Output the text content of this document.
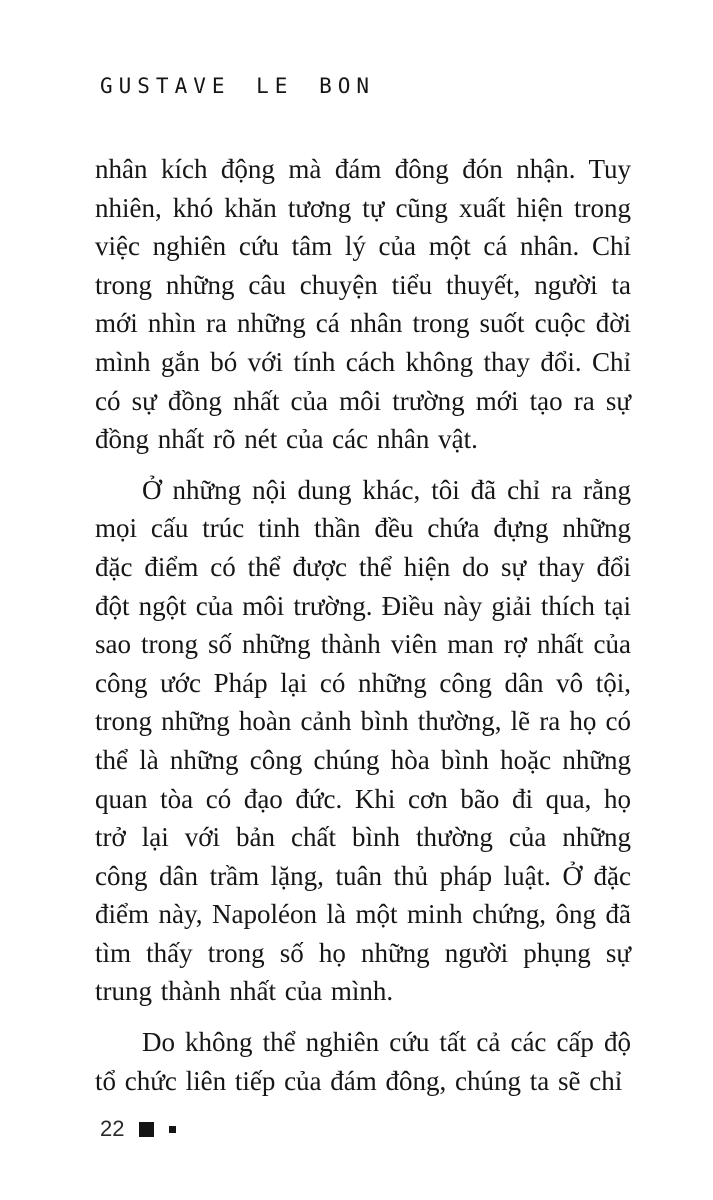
GUSTAVE LE BON

nhân kích động mà đám đông đón nhận. Tuy nhiên, khó khăn tương tự cũng xuất hiện trong việc nghiên cứu tâm lý của một cá nhân. Chỉ trong những câu chuyện tiểu thuyết, người ta mới nhìn ra những cá nhân trong suốt cuộc đời mình gắn bó với tính cách không thay đổi. Chỉ có sự đồng nhất của môi trường mới tạo ra sự đồng nhất rõ nét của các nhân vật.

Ở những nội dung khác, tôi đã chỉ ra rằng mọi cấu trúc tinh thần đều chứa đựng những đặc điểm có thể được thể hiện do sự thay đổi đột ngột của môi trường. Điều này giải thích tại sao trong số những thành viên man rợ nhất của công ước Pháp lại có những công dân vô tội, trong những hoàn cảnh bình thường, lẽ ra họ có thể là những công chúng hòa bình hoặc những quan tòa có đạo đức. Khi cơn bão đi qua, họ trở lại với bản chất bình thường của những công dân trầm lặng, tuân thủ pháp luật. Ở đặc điểm này, Napoléon là một minh chứng, ông đã tìm thấy trong số họ những người phụng sự trung thành nhất của mình.

Do không thể nghiên cứu tất cả các cấp độ tổ chức liên tiếp của đám đông, chúng ta sẽ chỉ

22
